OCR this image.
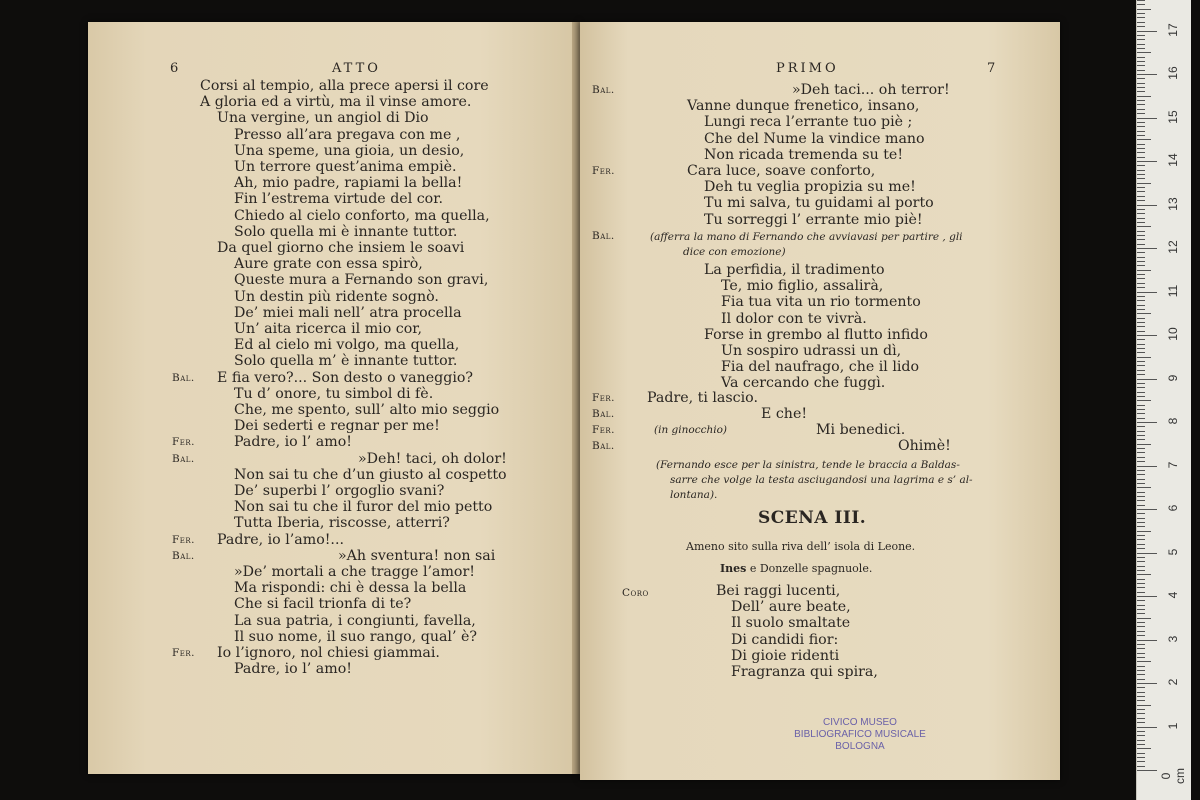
6	ATTO
Corsi al tempio, alla prece apersi il core
A gloria ed a virtù, ma il vinse amore.
Una vergine, un angiol di Dio
Presso all’ara pregava con me ,
Una speme, una gioia, un desio,
Un terrore quest’anima empiè.
Ah, mio padre, rapiami la bella!
Fin l’estrema virtude del cor.
Chiedo al cielo conforto, ma quella,
Solo quella mi è innante tuttor.
Da quel giorno che insiem le soavi
Aure grate con essa spirò,
Queste mura a Fernando son gravi,
Un destin più ridente sognò.
De’ miei mali nell’ atra procella
Un’ aita ricerca il mio cor,
Ed al cielo mi volgo, ma quella,
Solo quella m’ è innante tuttor.
Bal. E fia vero?... Son desto o vaneggio?
Tu d’ onore, tu simbol di fè.
Che, me spento, sull’ alto mio seggio
Dei sederti e regnar per me!
Fer.	Padre, io l’ amo!
Bal.	»Deh! taci, oh dolor!
Non sai tu che d’un giusto al cospetto
De’ superbi l’ orgoglio svani?
Non sai tu che il furor del mio petto
Tutta Iberia, riscosse, atterri?
Fer. Padre, io l’amo!...
Bal.	»Ah sventura! non sai
»De’ mortali a che tragge l’amor!
Ma rispondi: chi è dessa la bella
Che si facil trionfa di te?
La sua patria, i congiunti, favella,
Il suo nome, il suo rango, qual’ è?
Fer. Io l’ignoro, nol chiesi giammai.
Padre, io l’ amo!
PRIMO	7
Bal.	»Deh taci... oh terror!
Vanne dunque frenetico, insano,
Lungi reca l’errante tuo piè ;
Che del Nume la vindice mano
Non ricada tremenda su te!
Fer.	Cara luce, soave conforto,
Deh tu veglia propizia su me!
Tu mi salva, tu guidami al porto
Tu sorreggi l’ errante mio piè!
Bal.	(afferra la mano di Fernando che avviavasi per partire , gli
dice con emozione)
La perfidia, il tradimento
Te, mio figlio, assalirà,
Fia tua vita un rio tormento
Il dolor con te vivrà.
Forse in grembo al flutto infido
Un sospiro udrassi un dì,
Fia del naufrago, che il lido
Va cercando che fuggì.
Fer. Padre, ti lascio.
Bal.	E che!
Fer.	(in ginocchio)	Mi benedici.
Bal.	Ohimè!
(Fernando esce per la sinistra, tende le braccia a Baldas-
sarre che volge la testa asciugandosi una lagrima e s’ al-
lontana).
SCENA III.
Ameno sito sulla riva dell’ isola di Leone.
Ines e Donzelle spagnuole.
Coro	Bei raggi lucenti,
Dell’ aure beate,
Il suolo smaltate
Di candidi fior:
Di gioie ridenti
Fragranza qui spira,
CIVICO MUSEO
BIBLIOGRAFICO MUSICALE
BOLOGNA
0 cm
1
2
3
4
5
6
7
8
9
10
11
12
13
14
15
16
17
